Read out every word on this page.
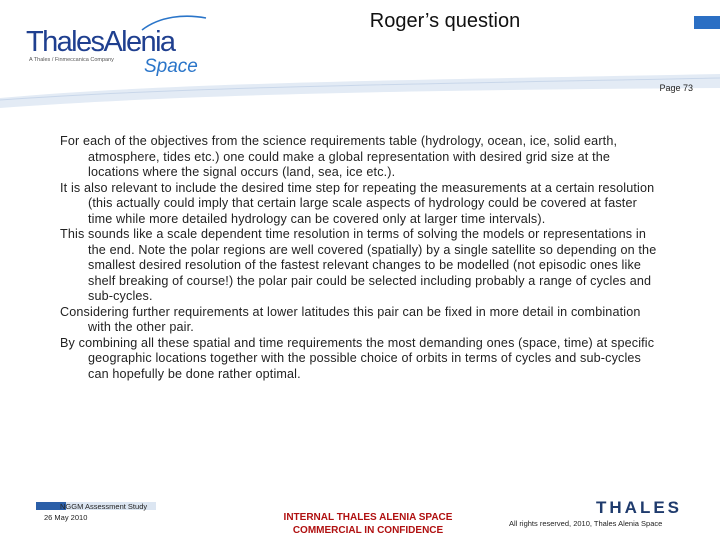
ThalesAlenia
A Thales / Finmeccanica Company Space
Roger’s question
Page 73

For each of the objectives from the science requirements table (hydrology, ocean, ice, solid earth, atmosphere, tides etc.) one could make a global representation with desired grid size at the locations where the signal occurs (land, sea, ice etc.).

It is also relevant to include the desired time step for repeating the measurements at a certain resolution (this actually could imply that certain large scale aspects of hydrology could be covered at faster time while more detailed hydrology can be covered only at larger time intervals).

This sounds like a scale dependent time resolution in terms of solving the models or representations in the end. Note the polar regions are well covered (spatially) by a single satellite so depending on the smallest desired resolution of the fastest relevant changes to be modelled (not episodic ones like shelf breaking of course!) the polar pair could be selected including probably a range of cycles and sub-cycles.

Considering further requirements at lower latitudes this pair can be fixed in more detail in combination with the other pair.

By combining all these spatial and time requirements the most demanding ones (space, time) at specific geographic locations together with the possible choice of orbits in terms of cycles and sub-cycles can hopefully be done rather optimal.

NGGM Assessment Study
26 May 2010	INTERNAL THALES ALENIA SPACE
COMMERCIAL IN CONFIDENCE
THALES
All rights reserved, 2010, Thales Alenia Space
